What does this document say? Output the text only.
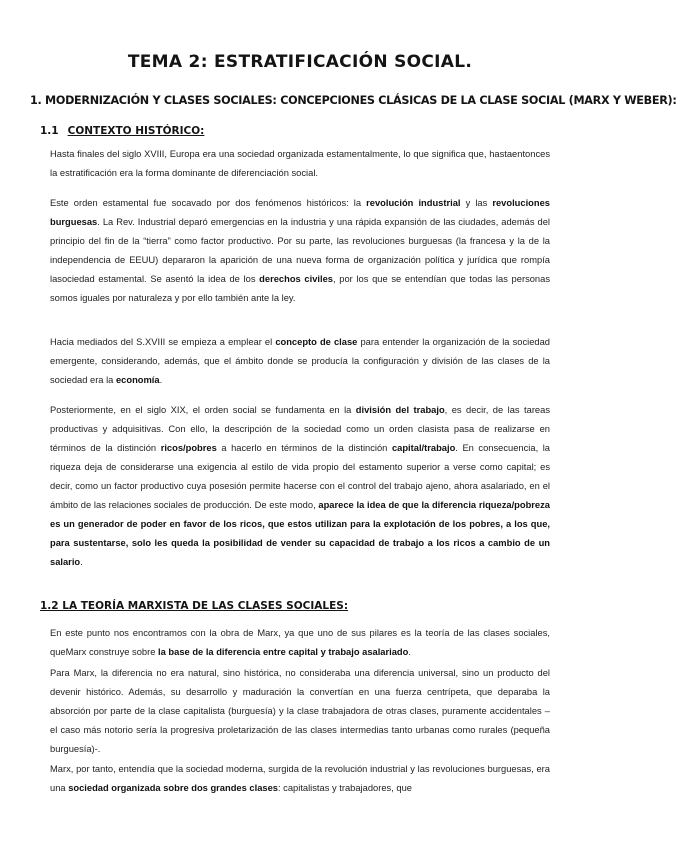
TEMA 2: ESTRATIFICACIÓN SOCIAL.
1. MODERNIZACIÓN Y CLASES SOCIALES: CONCEPCIONES CLÁSICAS DE LA CLASE SOCIAL (MARX Y WEBER):
1.1 CONTEXTO HISTÓRICO:
Hasta finales del siglo XVIII, Europa era una sociedad organizada estamentalmente, lo que significa que, hastaentonces la estratificación era la forma dominante de diferenciación social.
Este orden estamental fue socavado por dos fenómenos históricos: la revolución industrial y las revoluciones burguesas. La Rev. Industrial deparó emergencias en la industria y una rápida expansión de las ciudades, además del principio del fin de la “tierra” como factor productivo. Por su parte, las revoluciones burguesas (la francesa y la de la independencia de EEUU) depararon la aparición de una nueva forma de organización política y jurídica que rompía lasociedad estamental. Se asentó la idea de los derechos civiles, por los que se entendían que todas las personas somos iguales por naturaleza y por ello también ante la ley.
Hacia mediados del S.XVIII se empieza a emplear el concepto de clase para entender la organización de la sociedad emergente, considerando, además, que el ámbito donde se producía la configuración y división de las clases de la sociedad era la economía.
Posteriormente, en el siglo XIX, el orden social se fundamenta en la división del trabajo, es decir, de las tareas productivas y adquisitivas. Con ello, la descripción de la sociedad como un orden clasista pasa de realizarse en términos de la distinción ricos/pobres a hacerlo en términos de la distinción capital/trabajo. En consecuencia, la riqueza deja de considerarse una exigencia al estilo de vida propio del estamento superior a verse como capital; es decir, como un factor productivo cuya posesión permite hacerse con el control del trabajo ajeno, ahora asalariado, en el ámbito de las relaciones sociales de producción. De este modo, aparece la idea de que la diferencia riqueza/pobreza es un generador de poder en favor de los ricos, que estos utilizan para la explotación de los pobres, a los que, para sustentarse, solo les queda la posibilidad de vender su capacidad de trabajo a los ricos a cambio de un salario.
1.2 LA TEORÍA MARXISTA DE LAS CLASES SOCIALES:
En este punto nos encontramos con la obra de Marx, ya que uno de sus pilares es la teoría de las clases sociales, queMarx construye sobre la base de la diferencia entre capital y trabajo asalariado.
Para Marx, la diferencia no era natural, sino histórica, no consideraba una diferencia universal, sino un producto del devenir histórico. Además, su desarrollo y maduración la convertían en una fuerza centrípeta, que deparaba la absorción por parte de la clase capitalista (burguesía) y la clase trabajadora de otras clases, puramente accidentales – el caso más notorio sería la progresiva proletarización de las clases intermedias tanto urbanas como rurales (pequeña burguesía)-.
Marx, por tanto, entendía que la sociedad moderna, surgida de la revolución industrial y las revoluciones burguesas, era una sociedad organizada sobre dos grandes clases: capitalistas y trabajadores, que
